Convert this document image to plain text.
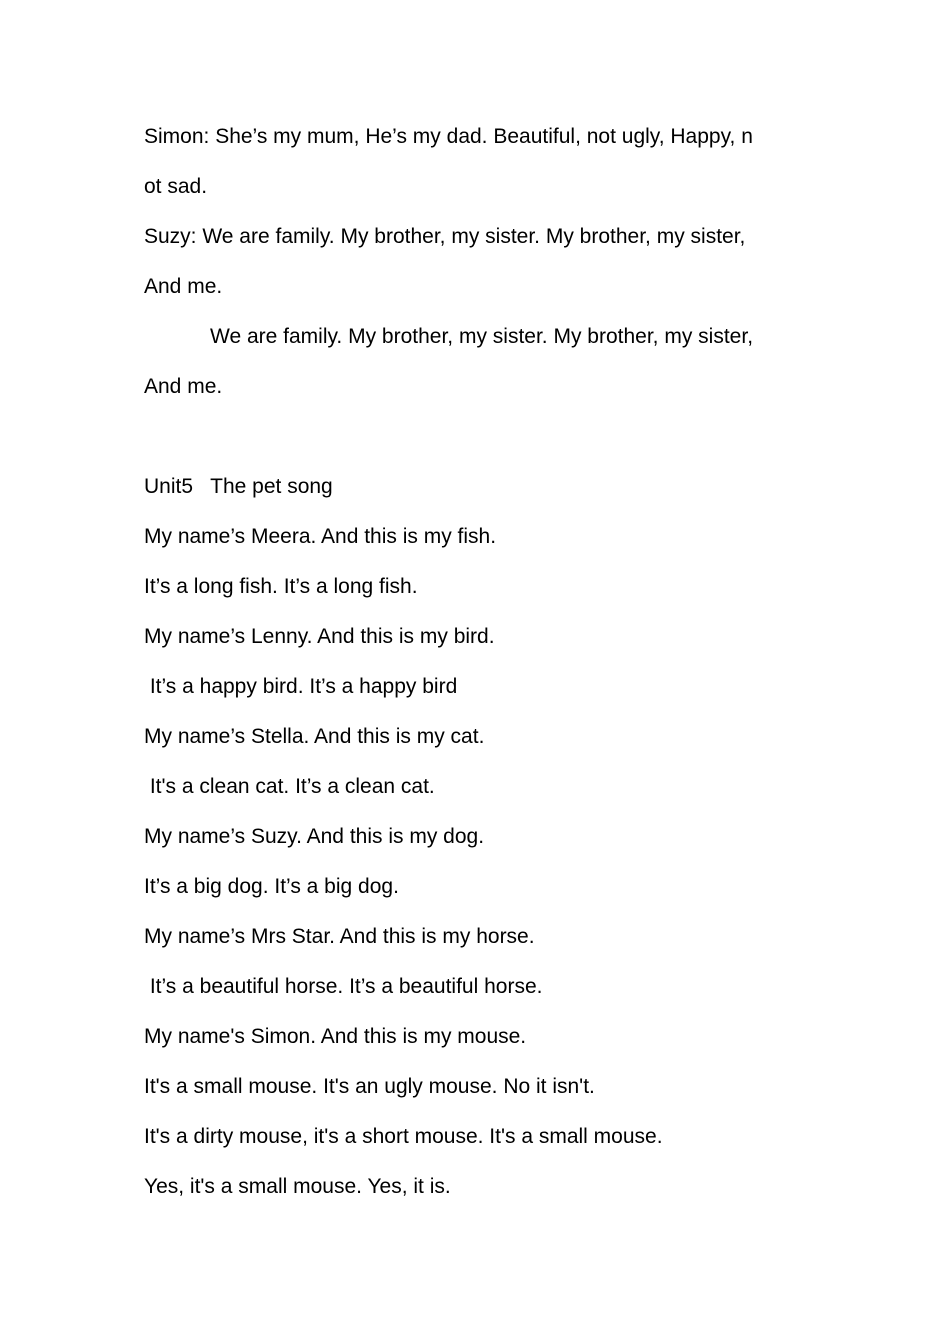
Simon: She’s my mum, He’s my dad. Beautiful, not ugly, Happy, n
ot sad.
Suzy: We are family. My brother, my sister. My brother, my sister,
And me.
We are family. My brother, my sister. My brother, my sister,
And me.
Unit5   The pet song
My name’s Meera. And this is my fish.
It’s a long fish. It’s a long fish.
My name’s Lenny. And this is my bird.
It’s a happy bird. It’s a happy bird
My name’s Stella. And this is my cat.
It's a clean cat. It’s a clean cat.
My name’s Suzy. And this is my dog.
It’s a big dog. It’s a big dog.
My name’s Mrs Star. And this is my horse.
It’s a beautiful horse. It’s a beautiful horse.
My name's Simon. And this is my mouse.
It's a small mouse. It's an ugly mouse. No it isn't.
It's a dirty mouse, it's a short mouse. It's a small mouse.
Yes, it's a small mouse. Yes, it is.
